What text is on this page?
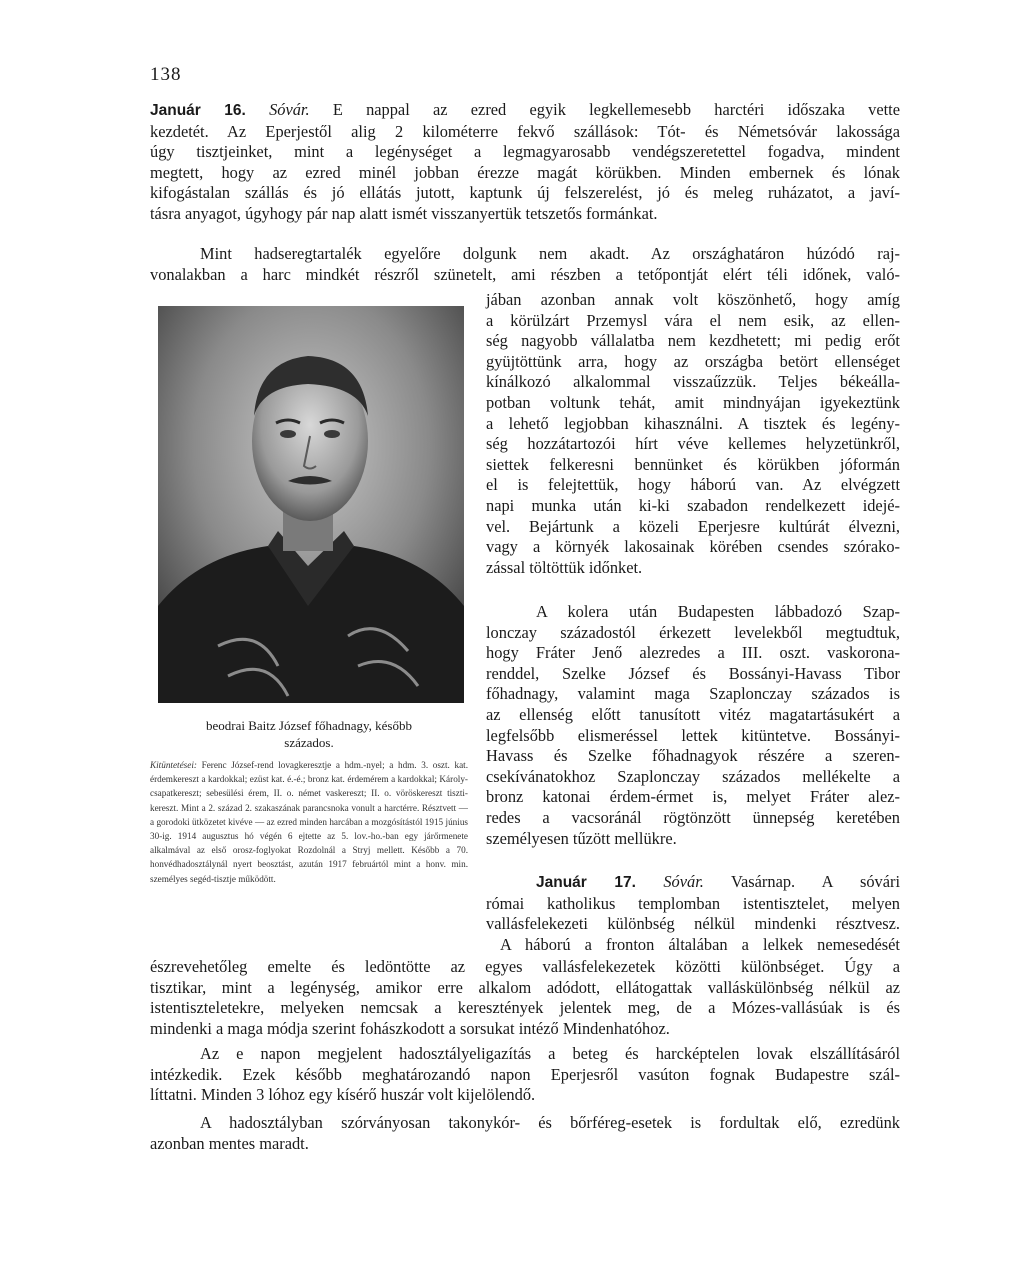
138
Január 16. Sóvár. E nappal az ezred egyik legkellemesebb harctéri időszaka vette
kezdetét. Az Eperjestől alig 2 kilométerre fekvő szállások: Tót- és Németsóvár lakossága
úgy tisztjeinket, mint a legénységet a legmagyarosabb vendégszeretettel fogadva, mindent
megtett, hogy az ezred minél jobban érezze magát körükben. Minden embernek és lónak
kifogástalan szállás és jó ellátás jutott, kaptunk új felszerelést, jó és meleg ruházatot, a javí-
tásra anyagot, úgyhogy pár nap alatt ismét visszanyertük tetszetős formánkat.
Mint hadseregtartalék egyelőre dolgunk nem akadt. Az országhatáron húzódó raj-
vonalakban a harc mindkét részről szünetelt, ami részben a tetőpontját elért téli időnek, való-
jában azonban annak volt köszönhető, hogy amíg
a körülzárt Przemysl vára el nem esik, az ellen-
ség nagyobb vállalatba nem kezdhetett; mi pedig erőt
gyüjtöttünk arra, hogy az országba betört ellenséget
kínálkozó alkalommal visszaűzzük. Teljes békeálla-
potban voltunk tehát, amit mindnyájan igyekeztünk
a lehető legjobban kihasználni. A tisztek és legény-
ség hozzátartozói hírt véve kellemes helyzetünkről,
siettek felkeresni bennünket és körükben jóformán
el is felejtettük, hogy háború van. Az elvégzett
napi munka után ki-ki szabadon rendelkezett idejé-
vel. Bejártunk a közeli Eperjesre kultúrát élvezni,
vagy a környék lakosainak körében csendes szórako-
zással töltöttük időnket.
A kolera után Budapesten lábbadozó Szap-
lonczay századostól érkezett levelekből megtudtuk,
hogy Fráter Jenő alezredes a III. oszt. vaskorona-
renddel, Szelke József és Bossányi-Havass Tibor
főhadnagy, valamint maga Szaplonczay százados is
az ellenség előtt tanusított vitéz magatartásukért a
legfelsőbb elismeréssel lettek kitüntetve. Bossányi-
Havass és Szelke főhadnagyok részére a szeren-
csekívánatokhoz Szaplonczay százados mellékelte a
bronz katonai érdem-érmet is, melyet Fráter alez-
redes a vacsoránál rögtönzött ünnepség keretében
személyesen tűzött mellükre.
Január 17. Sóvár. Vasárnap. A sóvári
római katholikus templomban istentisztelet, melyen
vallásfelekezeti különbség nélkül mindenki résztvesz.
A háború a fronton általában a lelkek nemesedését
észrevehetőleg emelte és ledöntötte az egyes vallásfelekezetek közötti különbséget. Úgy a
tisztikar, mint a legénység, amikor erre alkalom adódott, ellátogattak valláskülönbség nélkül az
istentiszteletekre, melyeken nemcsak a keresztények jelentek meg, de a Mózes-vallásúak is és
mindenki a maga módja szerint fohászkodott a sorsukat intéző Mindenhatóhoz.
Az e napon megjelent hadosztályeligazítás a beteg és harcképtelen lovak elszállításáról
intézkedik. Ezek később meghatározandó napon Eperjesről vasúton fognak Budapestre szál-
líttatni. Minden 3 lóhoz egy kísérő huszár volt kijelölendő.
A hadosztályban szórványosan takonykór- és bőrféreg-esetek is fordultak elő, ezredünk
azonban mentes maradt.
beodrai Baitz József főhadnagy, később
százados.
Kitüntetései: Ferenc József-rend lovagkeresztje a hdm.-nyel; a hdm. 3. oszt. kat. érdemkereszt a kardokkal; ezüst kat. é.-é.; bronz kat. érdemérem a kardokkal; Károly-csapatkereszt; sebesülési érem, II. o. német vaskereszt; II. o. vöröskereszt tiszti-kereszt. Mint a 2. század 2. szakaszának parancsnoka vonult a harctérre. Résztvett — a gorodoki ütközetet kivéve — az ezred minden harcában a mozgósítástól 1915 június 30-ig. 1914 augusztus hó végén 6 ejtette az 5. lov.-ho.-ban egy járőrmenete alkalmával az első orosz-foglyokat Rozdolnál a Stryj mellett. Később a 70. honvédhadosztálynál nyert beosztást, azután 1917 februártól mint a honv. min. személyes segéd-tisztje működött.
